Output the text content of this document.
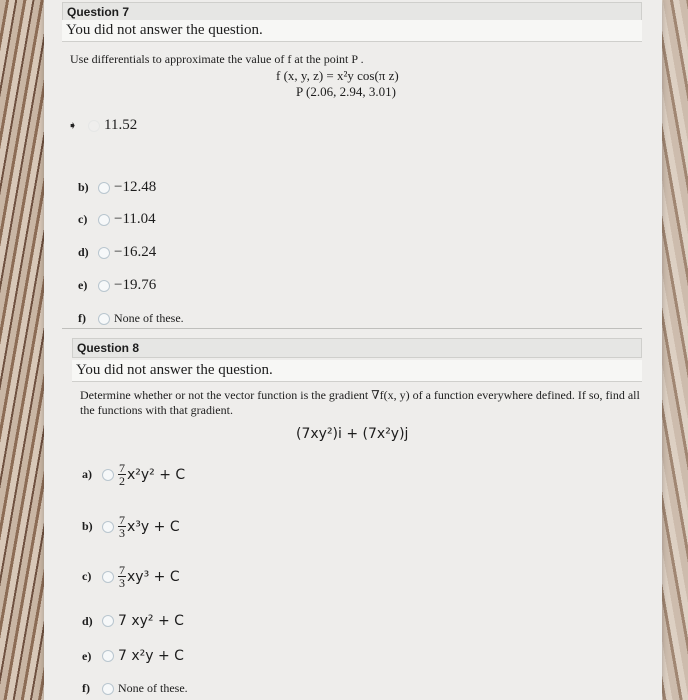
Question 7
You did not answer the question.
Use differentials to approximate the value of f at the point P .
f (x, y, z) = x²y cos(π z)
P (2.06, 2.94, 3.01)
➧	11.52
b)	−12.48
c)	−11.04
d)	−16.24
e)	−19.76
f)	None of these.
Question 8
You did not answer the question.
Determine whether or not the vector function is the gradient ∇f(x, y) of a function everywhere defined. If so, find all the functions with that gradient.
(7xy²)i + (7x²y)j
a)	$\frac{7}{2} x^2y^2 + C$
b)	$\frac{7}{3} x^3y + C$
c)	$\frac{7}{3} xy^3 + C$
d)	7 xy² + C
e)	7 x²y + C
f)	None of these.
